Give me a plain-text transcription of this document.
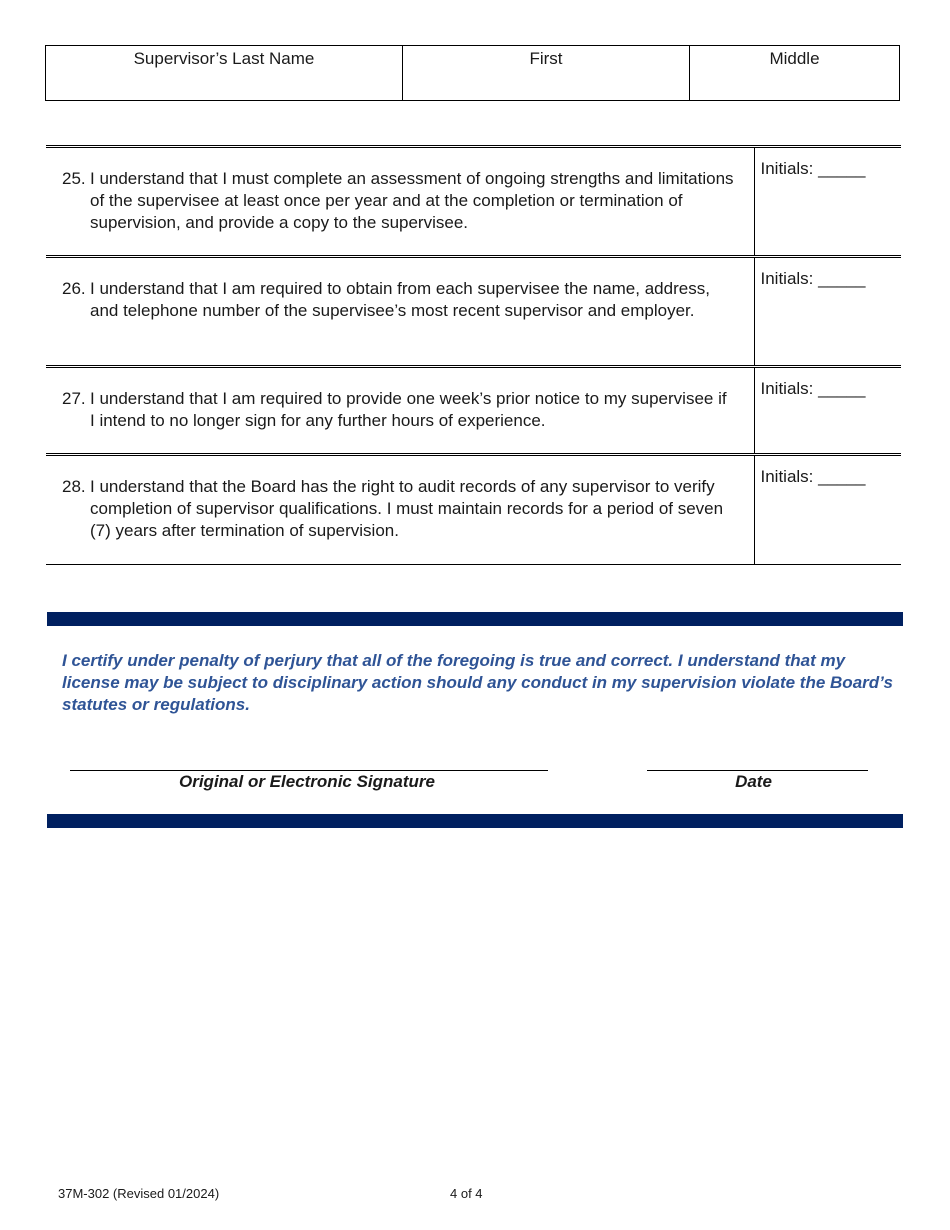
Supervisor’s Last Name	First	Middle
25. I understand that I must complete an assessment of ongoing strengths and limitations of the supervisee at least once per year and at the completion or termination of supervision, and provide a copy to the supervisee.	Initials: _____

26. I understand that I am required to obtain from each supervisee the name, address, and telephone number of the supervisee’s most recent supervisor and employer.	Initials: _____

27. I understand that I am required to provide one week’s prior notice to my supervisee if I intend to no longer sign for any further hours of experience.	Initials: _____

28. I understand that the Board has the right to audit records of any supervisor to verify completion of supervisor qualifications. I must maintain records for a period of seven (7) years after termination of supervision.	Initials: _____
I certify under penalty of perjury that all of the foregoing is true and correct. I understand that my license may be subject to disciplinary action should any conduct in my supervision violate the Board’s statutes or regulations.
Original or Electronic Signature	Date
37M-302 (Revised 01/2024)	4 of 4
